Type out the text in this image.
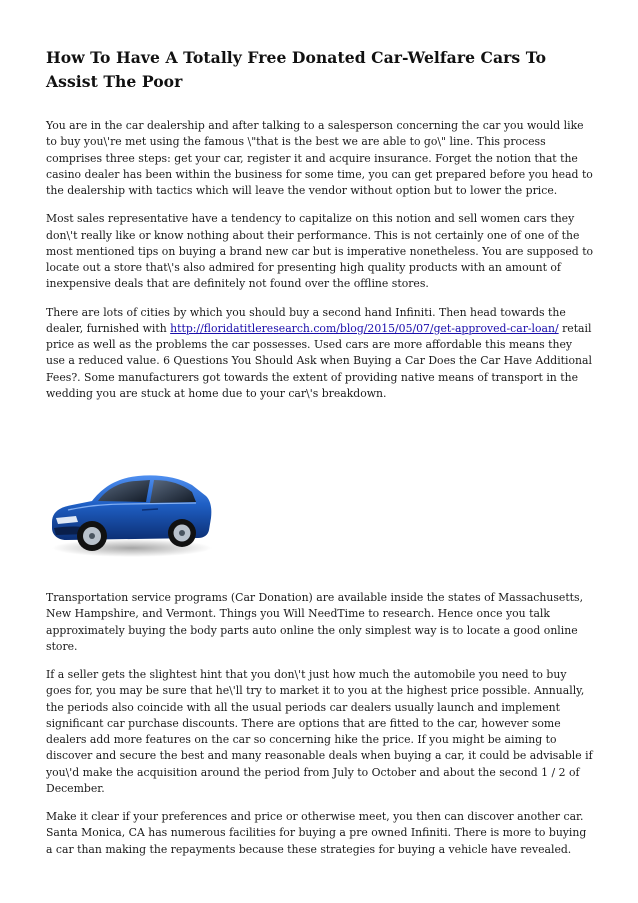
How To Have A Totally Free Donated Car-Welfare Cars To Assist The Poor

You are in the car dealership and after talking to a salesperson concerning the car you would like to buy you\'re met using the famous \"that is the best we are able to go\" line. This process comprises three steps: get your car, register it and acquire insurance. Forget the notion that the casino dealer has been within the business for some time, you can get prepared before you head to the dealership with tactics which will leave the vendor without option but to lower the price.

Most sales representative have a tendency to capitalize on this notion and sell women cars they don\'t really like or know nothing about their performance. This is not certainly one of one of the most mentioned tips on buying a brand new car but is imperative nonetheless. You are supposed to locate out a store that\'s also admired for presenting high quality products with an amount of inexpensive deals that are definitely not found over the offline stores.

There are lots of cities by which you should buy a second hand Infiniti. Then head towards the dealer, furnished with http://floridatitleresearch.com/blog/2015/05/07/get-approved-car-loan/ retail price as well as the problems the car possesses. Used cars are more affordable this means they use a reduced value. 6 Questions You Should Ask when Buying a Car Does the Car Have Additional Fees?. Some manufacturers got towards the extent of providing native means of transport in the wedding you are stuck at home due to your car\'s breakdown.

Transportation service programs (Car Donation) are available inside the states of Massachusetts, New Hampshire, and Vermont. Things you Will NeedTime to research. Hence once you talk approximately buying the body parts auto online the only simplest way is to locate a good online store.

If a seller gets the slightest hint that you don\'t just how much the automobile you need to buy goes for, you may be sure that he\'ll try to market it to you at the highest price possible. Annually, the periods also coincide with all the usual periods car dealers usually launch and implement significant car purchase discounts. There are options that are fitted to the car, however some dealers add more features on the car so concerning hike the price. If you might be aiming to discover and secure the best and many reasonable deals when buying a car, it could be advisable if you\'d make the acquisition around the period from July to October and about the second 1 / 2 of December.

Make it clear if your preferences and price or otherwise meet, you then can discover another car. Santa Monica, CA has numerous facilities for buying a pre owned Infiniti. There is more to buying a car than making the repayments because these strategies for buying a vehicle have revealed.
